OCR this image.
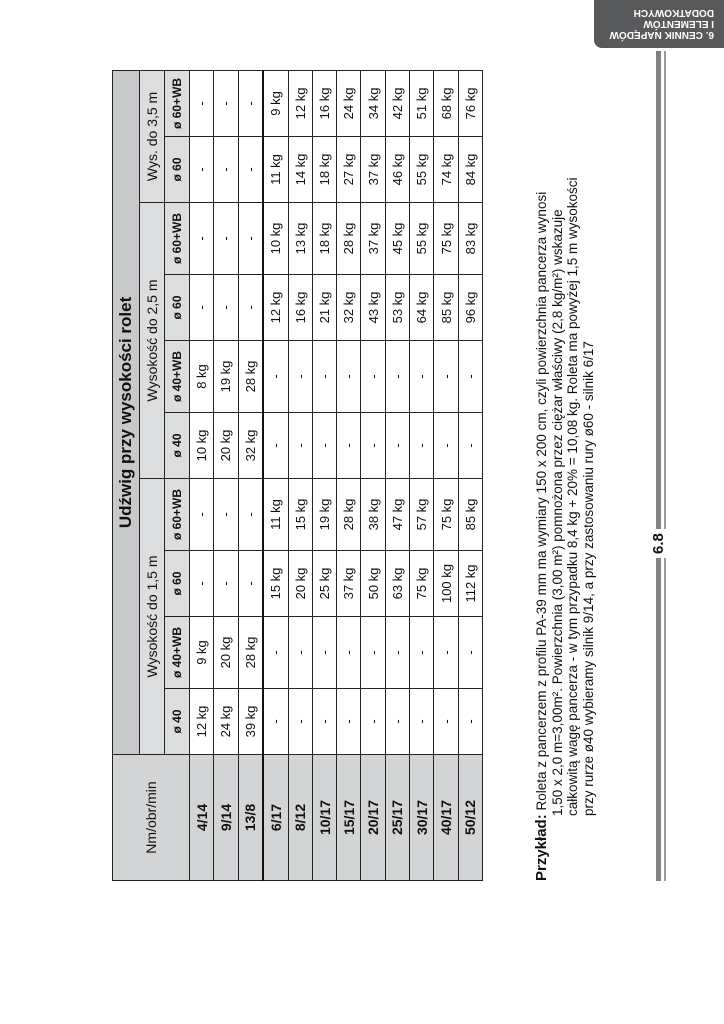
6. CENNIK NAPĘDÓW
I ELEMENTÓW
DODATKOWYCH
Nm/obr/min	Udźwig przy wysokości rolet									
	Wysokość do 1,5 m				Wysokość do 2,5 m				Wys. do 3,5 m	
	ø 40	ø 40+WB	ø 60	ø 60+WB	ø 40	ø 40+WB	ø 60	ø 60+WB	ø 60	ø 60+WB
4/14	12 kg	9 kg	-	-	10 kg	8 kg	-	-	-	-
9/14	24 kg	20 kg	-	-	20 kg	19 kg	-	-	-	-
13/8	39 kg	28 kg	-	-	32 kg	28 kg	-	-	-	-
6/17	-	-	15 kg	11 kg	-	-	12 kg	10 kg	11 kg	9 kg
8/12	-	-	20 kg	15 kg	-	-	16 kg	13 kg	14 kg	12 kg
10/17	-	-	25 kg	19 kg	-	-	21 kg	18 kg	18 kg	16 kg
15/17	-	-	37 kg	28 kg	-	-	32 kg	28 kg	27 kg	24 kg
20/17	-	-	50 kg	38 kg	-	-	43 kg	37 kg	37 kg	34 kg
25/17	-	-	63 kg	47 kg	-	-	53 kg	45 kg	46 kg	42 kg
30/17	-	-	75 kg	57 kg	-	-	64 kg	55 kg	55 kg	51 kg
40/17	-	-	100 kg	75 kg	-	-	85 kg	75 kg	74 kg	68 kg
50/12	-	-	112 kg	85 kg	-	-	96 kg	83 kg	84 kg	76 kg
Przykład: Roleta z pancerzem z profilu PA-39 mm ma wymiary 150 x 200 cm, czyli powierzchnia pancerza wynosi 1,50 x 2,0 m=3,00m². Powierzchnia (3,00 m²) pomnożona przez ciężar właściwy (2,8 kg/m²) wskazuje całkowitą wagę pancerza - w tym przypadku 8,4 kg + 20% = 10,08 kg. Roleta ma powyżej 1,5 m wysokości przy rurze ø40 wybieramy silnik 9/14, a przy zastosowaniu rury ø60 - silnik 6/17	6.8
